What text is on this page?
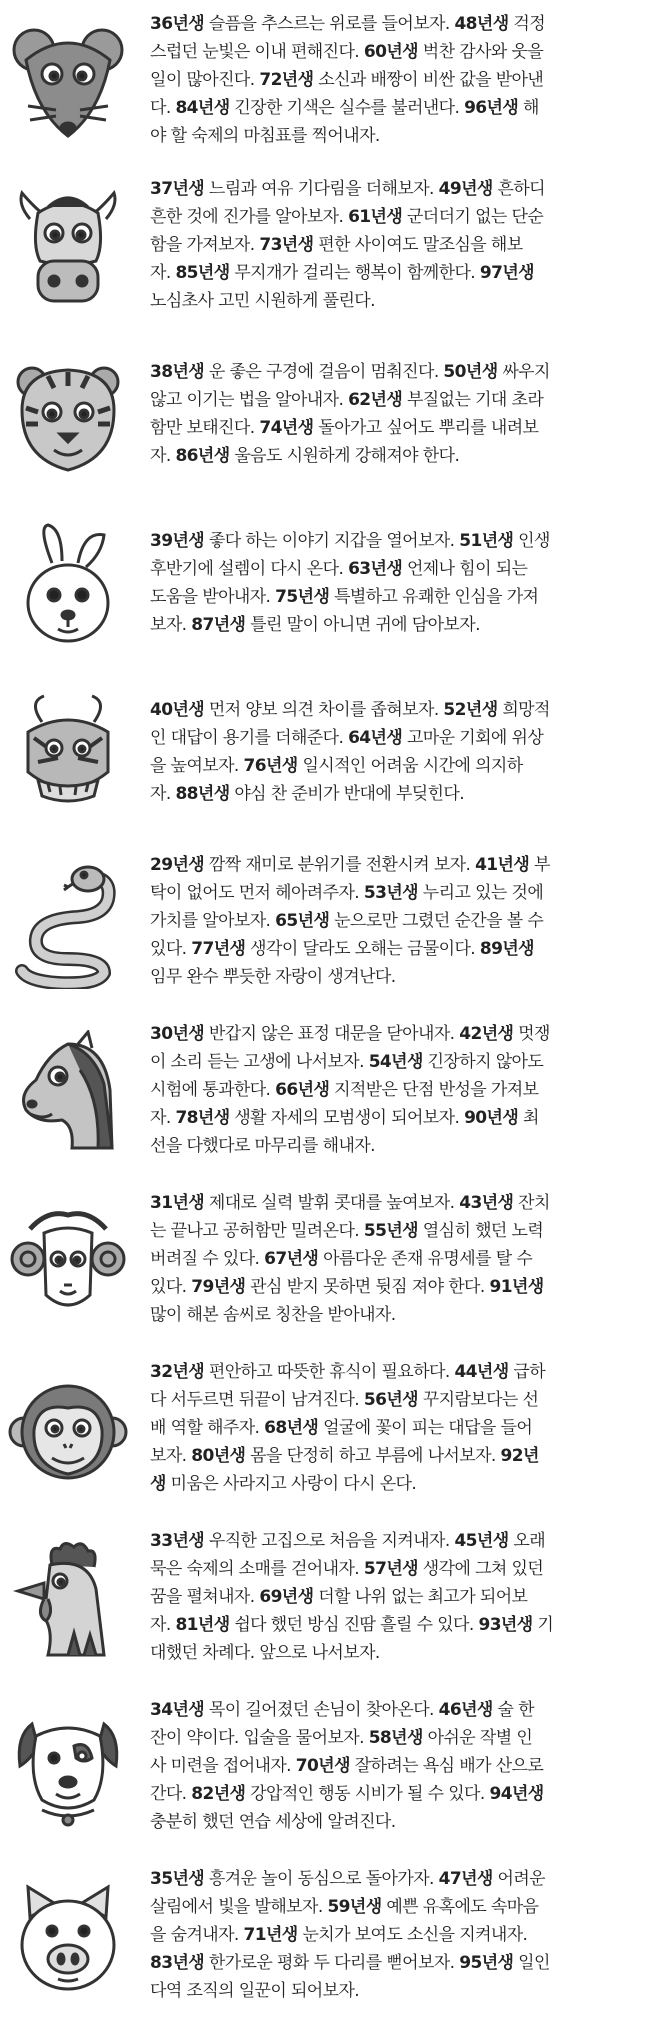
36년생 슬픔을 추스르는 위로를 들어보자. 48년생 걱정
스럽던 눈빛은 이내 편해진다. 60년생 벅찬 감사와 웃을
일이 많아진다. 72년생 소신과 배짱이 비싼 값을 받아낸
다. 84년생 긴장한 기색은 실수를 불러낸다. 96년생 해
야 할 숙제의 마침표를 찍어내자.
37년생 느림과 여유 기다림을 더해보자. 49년생 흔하디
흔한 것에 진가를 알아보자. 61년생 군더더기 없는 단순
함을 가져보자. 73년생 편한 사이여도 말조심을 해보
자. 85년생 무지개가 걸리는 행복이 함께한다. 97년생
노심초사 고민 시원하게 풀린다.
38년생 운 좋은 구경에 걸음이 멈춰진다. 50년생 싸우지
않고 이기는 법을 알아내자. 62년생 부질없는 기대 초라
함만 보태진다. 74년생 돌아가고 싶어도 뿌리를 내려보
자. 86년생 울음도 시원하게 강해져야 한다.
39년생 좋다 하는 이야기 지갑을 열어보자. 51년생 인생
후반기에 설렘이 다시 온다. 63년생 언제나 힘이 되는
도움을 받아내자. 75년생 특별하고 유쾌한 인심을 가져
보자. 87년생 틀린 말이 아니면 귀에 담아보자.
40년생 먼저 양보 의견 차이를 좁혀보자. 52년생 희망적
인 대답이 용기를 더해준다. 64년생 고마운 기회에 위상
을 높여보자. 76년생 일시적인 어려움 시간에 의지하
자. 88년생 야심 찬 준비가 반대에 부딪힌다.
29년생 깜짝 재미로 분위기를 전환시켜 보자. 41년생 부
탁이 없어도 먼저 헤아려주자. 53년생 누리고 있는 것에
가치를 알아보자. 65년생 눈으로만 그렸던 순간을 볼 수
있다. 77년생 생각이 달라도 오해는 금물이다. 89년생
임무 완수 뿌듯한 자랑이 생겨난다.
30년생 반갑지 않은 표정 대문을 닫아내자. 42년생 멋쟁
이 소리 듣는 고생에 나서보자. 54년생 긴장하지 않아도
시험에 통과한다. 66년생 지적받은 단점 반성을 가져보
자. 78년생 생활 자세의 모범생이 되어보자. 90년생 최
선을 다했다로 마무리를 해내자.
31년생 제대로 실력 발휘 콧대를 높여보자. 43년생 잔치
는 끝나고 공허함만 밀려온다. 55년생 열심히 했던 노력
버려질 수 있다. 67년생 아름다운 존재 유명세를 탈 수
있다. 79년생 관심 받지 못하면 뒷짐 져야 한다. 91년생
많이 해본 솜씨로 칭찬을 받아내자.
32년생 편안하고 따뜻한 휴식이 필요하다. 44년생 급하
다 서두르면 뒤끝이 남겨진다. 56년생 꾸지람보다는 선
배 역할 해주자. 68년생 얼굴에 꽃이 피는 대답을 들어
보자. 80년생 몸을 단정히 하고 부름에 나서보자. 92년
생 미움은 사라지고 사랑이 다시 온다.
33년생 우직한 고집으로 처음을 지켜내자. 45년생 오래
묵은 숙제의 소매를 걷어내자. 57년생 생각에 그쳐 있던
꿈을 펼쳐내자. 69년생 더할 나위 없는 최고가 되어보
자. 81년생 쉽다 했던 방심 진땀 흘릴 수 있다. 93년생 기
대했던 차례다. 앞으로 나서보자.
34년생 목이 길어졌던 손님이 찾아온다. 46년생 술 한
잔이 약이다. 입술을 물어보자. 58년생 아쉬운 작별 인
사 미련을 접어내자. 70년생 잘하려는 욕심 배가 산으로
간다. 82년생 강압적인 행동 시비가 될 수 있다. 94년생
충분히 했던 연습 세상에 알려진다.
35년생 흥겨운 놀이 동심으로 돌아가자. 47년생 어려운
살림에서 빛을 발해보자. 59년생 예쁜 유혹에도 속마음
을 숨겨내자. 71년생 눈치가 보여도 소신을 지켜내자.
83년생 한가로운 평화 두 다리를 뻗어보자. 95년생 일인
다역 조직의 일꾼이 되어보자.
